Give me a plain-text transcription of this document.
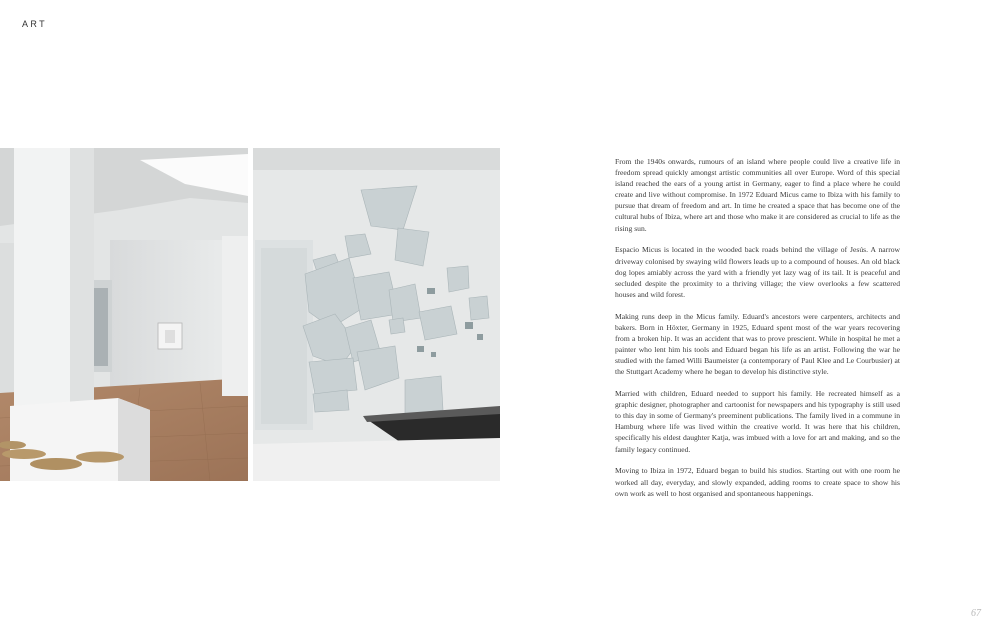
ART

From the 1940s onwards, rumours of an island where people could live a creative life in freedom spread quickly amongst artistic communities all over Europe. Word of this special island reached the ears of a young artist in Germany, eager to find a place where he could create and live without compromise. In 1972 Eduard Micus came to Ibiza with his family to pursue that dream of freedom and art. In time he created a space that has become one of the cultural hubs of Ibiza, where art and those who make it are considered as crucial to life as the rising sun.

Espacio Micus is located in the wooded back roads behind the village of Jesús. A narrow driveway colonised by swaying wild flowers leads up to a compound of houses. An old black dog lopes amiably across the yard with a friendly yet lazy wag of its tail. It is peaceful and secluded despite the proximity to a thriving village; the view overlooks a few scattered houses and wild forest.

Making runs deep in the Micus family. Eduard's ancestors were carpenters, architects and bakers. Born in Höxter, Germany in 1925, Eduard spent most of the war years recovering from a broken hip. It was an accident that was to prove prescient. While in hospital he met a painter who lent him his tools and Eduard began his life as an artist. Following the war he studied with the famed Willi Baumeister (a contemporary of Paul Klee and Le Courbusier) at the Stuttgart Academy where he began to develop his distinctive style.

Married with children, Eduard needed to support his family. He recreated himself as a graphic designer, photographer and cartoonist for newspapers and his typography is still used to this day in some of Germany's preeminent publications. The family lived in a commune in Hamburg where life was lived within the creative world. It was here that his children, specifically his eldest daughter Katja, was imbued with a love for art and making, and so the family legacy continued.

Moving to Ibiza in 1972, Eduard began to build his studios. Starting out with one room he worked all day, everyday, and slowly expanded, adding rooms to create space to show his own work as well to host organised and spontaneous happenings.

67
